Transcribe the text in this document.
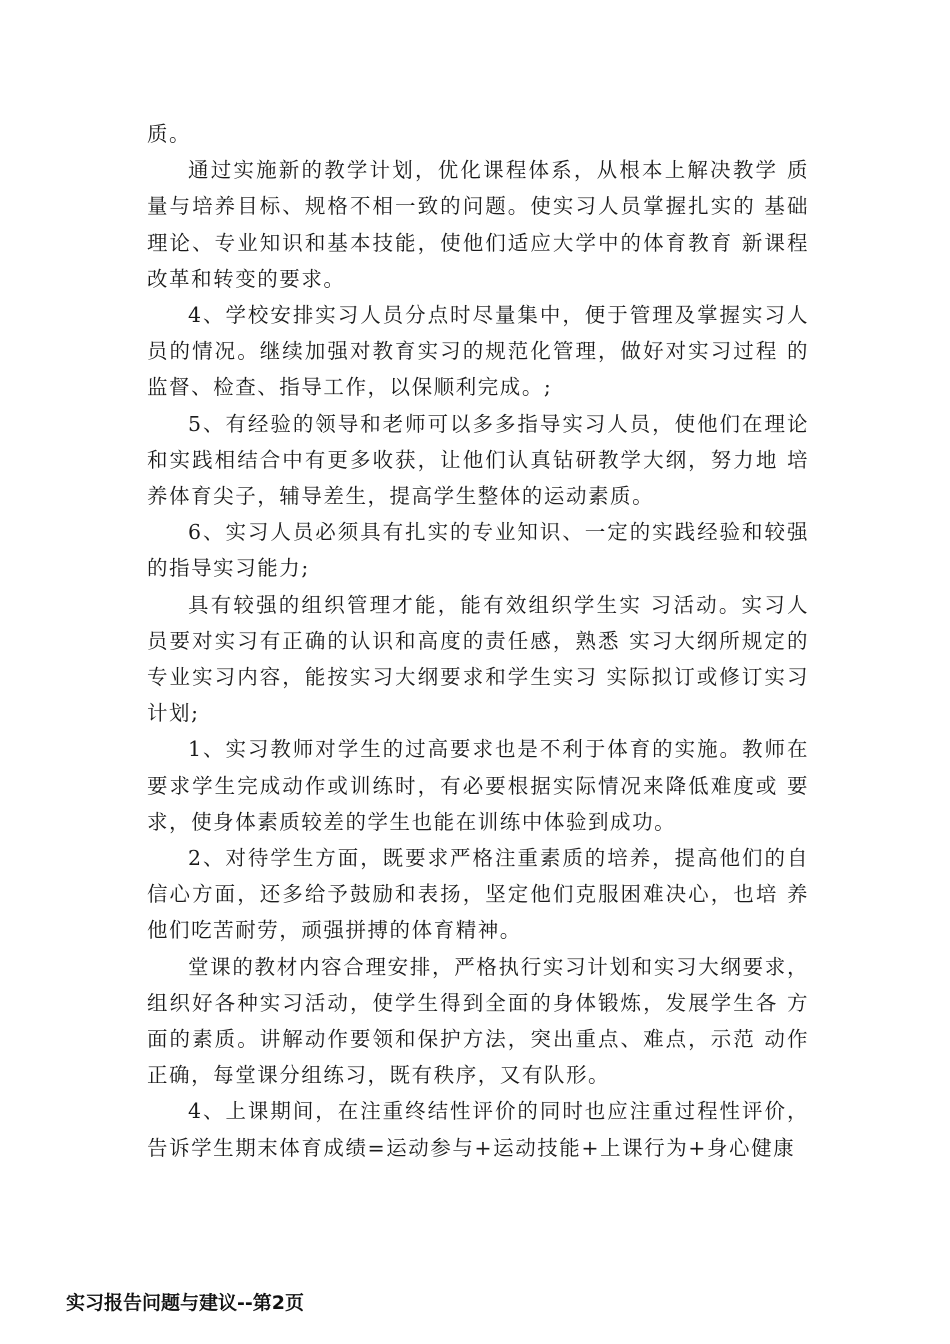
质。

通过实施新的教学计划，优化课程体系，从根本上解决教学 质量与培养目标、规格不相一致的问题。使实习人员掌握扎实的 基础理论、专业知识和基本技能，使他们适应大学中的体育教育 新课程改革和转变的要求。

4、学校安排实习人员分点时尽量集中，便于管理及掌握实习人员的情况。继续加强对教育实习的规范化管理，做好对实习过程 的监督、检查、指导工作，以保顺利完成。;

5、有经验的领导和老师可以多多指导实习人员，使他们在理论和实践相结合中有更多收获，让他们认真钻研教学大纲，努力地 培养体育尖子，辅导差生，提高学生整体的运动素质。

6、实习人员必须具有扎实的专业知识、一定的实践经验和较强的指导实习能力;

具有较强的组织管理才能，能有效组织学生实 习活动。实习人员要对实习有正确的认识和高度的责任感，熟悉 实习大纲所规定的专业实习内容，能按实习大纲要求和学生实习 实际拟订或修订实习计划;

1、实习教师对学生的过高要求也是不利于体育的实施。教师在要求学生完成动作或训练时，有必要根据实际情况来降低难度或 要求，使身体素质较差的学生也能在训练中体验到成功。

2、对待学生方面，既要求严格注重素质的培养，提高他们的自信心方面，还多给予鼓励和表扬，坚定他们克服困难决心，也培 养他们吃苦耐劳，顽强拼搏的体育精神。

堂课的教材内容合理安排，严格执行实习计划和实习大纲要求，组织好各种实习活动，使学生得到全面的身体锻炼，发展学生各 方面的素质。讲解动作要领和保护方法，突出重点、难点，示范 动作正确，每堂课分组练习，既有秩序，又有队形。

4、上课期间，在注重终结性评价的同时也应注重过程性评价，告诉学生期末体育成绩=运动参与+运动技能+上课行为+身心健康

实习报告问题与建议--第2页
